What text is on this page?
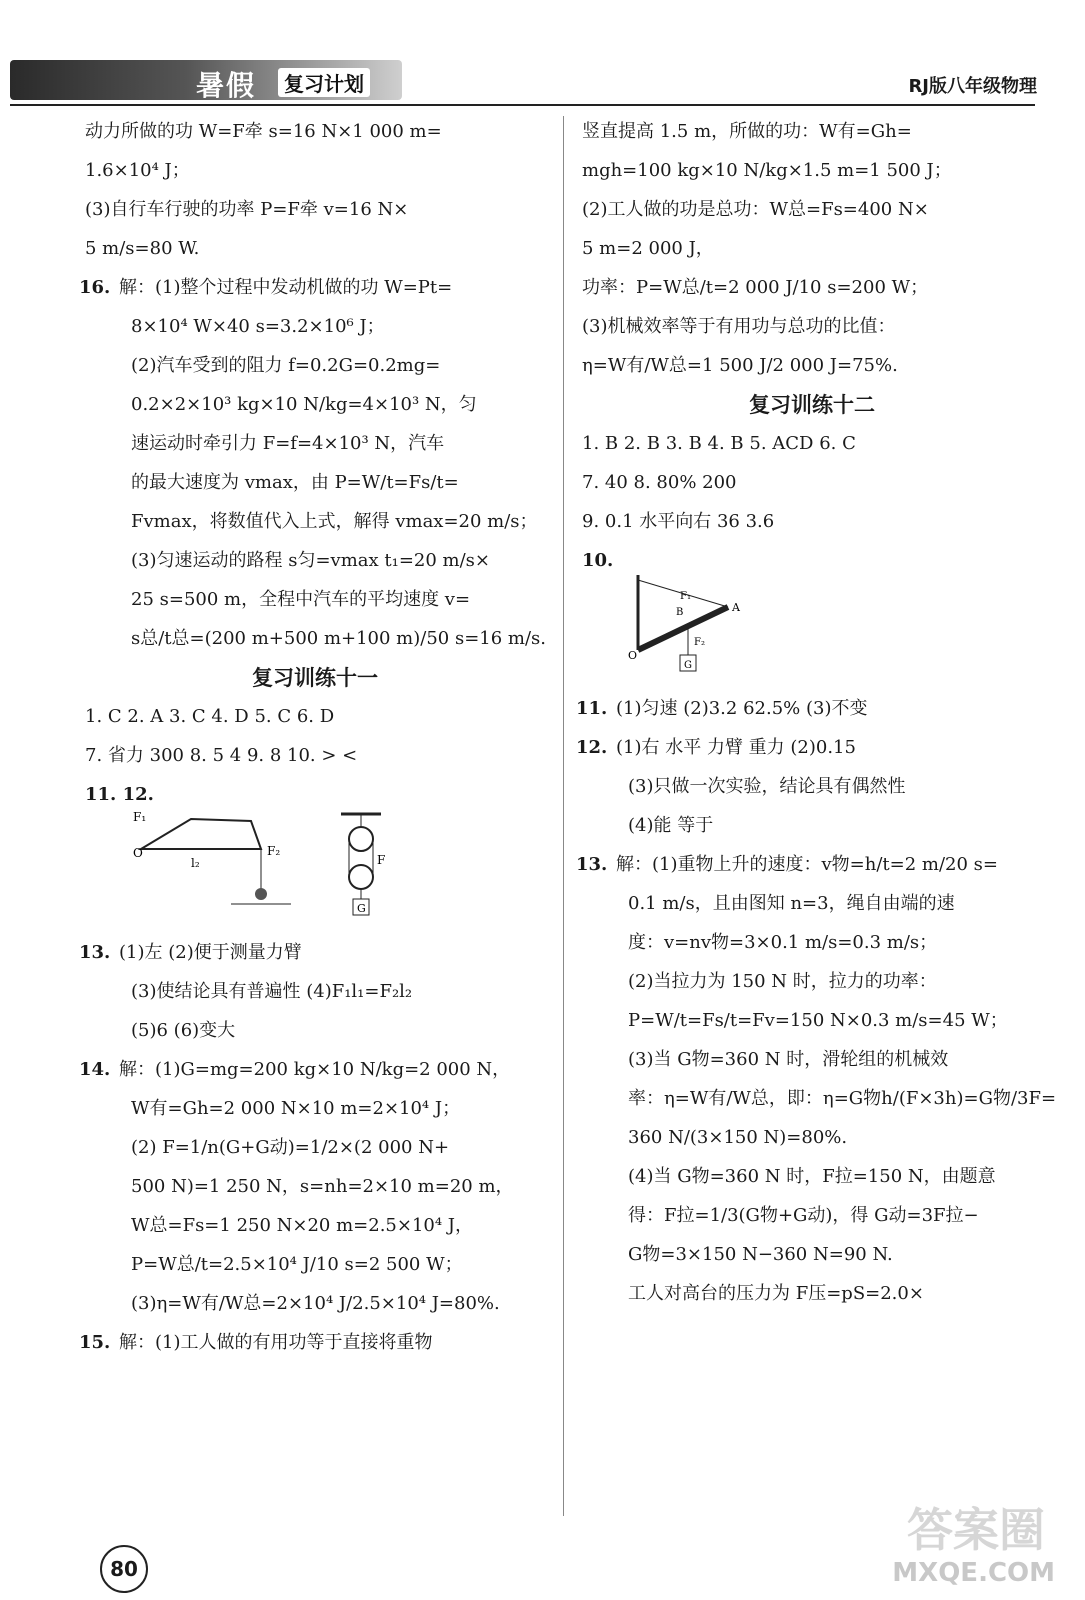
暑假	复习计划	RJ版八年级物理
动力所做的功 W=F牵 s=16 N×1 000 m=
1.6×10⁴ J；
(3)自行车行驶的功率 P=F牵 v=16 N×
5 m/s=80 W.
16. 解：(1)整个过程中发动机做的功 W=Pt=
8×10⁴ W×40 s=3.2×10⁶ J；
(2)汽车受到的阻力 f=0.2G=0.2mg=
0.2×2×10³ kg×10 N/kg=4×10³ N，匀
速运动时牵引力 F=f=4×10³ N，汽车
的最大速度为 vmax，由 P=W/t=Fs/t=
Fvmax，将数值代入上式，解得 vmax=20 m/s；
(3)匀速运动的路程 s匀=vmax t₁=20 m/s×
25 s=500 m，全程中汽车的平均速度 v=
s总/t总=(200 m+500 m+100 m)/50 s=16 m/s.
复习训练十一
1. C 2. A 3. C 4. D 5. C 6. D
7. 省力 300 8. 5 4 9. 8 10. > <
11. 12.
F₁
F₂
l₂
O
G
F
13. (1)左 (2)便于测量力臂
(3)使结论具有普遍性 (4)F₁l₁=F₂l₂
(5)6 (6)变大
14. 解：(1)G=mg=200 kg×10 N/kg=2 000 N，
W有=Gh=2 000 N×10 m=2×10⁴ J；
(2) F=1/n(G+G动)=1/2×(2 000 N+
500 N)=1 250 N，s=nh=2×10 m=20 m，
W总=Fs=1 250 N×20 m=2.5×10⁴ J，
P=W总/t=2.5×10⁴ J/10 s=2 500 W；
(3)η=W有/W总=2×10⁴ J/2.5×10⁴ J=80%.
15. 解：(1)工人做的有用功等于直接将重物
竖直提高 1.5 m，所做的功：W有=Gh=
mgh=100 kg×10 N/kg×1.5 m=1 500 J；
(2)工人做的功是总功：W总=Fs=400 N×
5 m=2 000 J，
功率：P=W总/t=2 000 J/10 s=200 W；
(3)机械效率等于有用功与总功的比值：
η=W有/W总=1 500 J/2 000 J=75%.
复习训练十二
1. B 2. B 3. B 4. B 5. ACD 6. C
7. 40 8. 80% 200
9. 0.1 水平向右 36 3.6
10.
G
A
O
F₁
F₂
B
11. (1)匀速 (2)3.2 62.5% (3)不变
12. (1)右 水平 力臂 重力 (2)0.15
(3)只做一次实验，结论具有偶然性
(4)能 等于
13. 解：(1)重物上升的速度：v物=h/t=2 m/20 s=
0.1 m/s，且由图知 n=3，绳自由端的速
度：v=nv物=3×0.1 m/s=0.3 m/s；
(2)当拉力为 150 N 时，拉力的功率：
P=W/t=Fs/t=Fv=150 N×0.3 m/s=45 W；
(3)当 G物=360 N 时，滑轮组的机械效
率：η=W有/W总，即：η=G物h/(F×3h)=G物/3F=
360 N/(3×150 N)=80%.
(4)当 G物=360 N 时，F拉=150 N，由题意
得：F拉=1/3(G物+G动)，得 G动=3F拉−
G物=3×150 N−360 N=90 N.
工人对高台的压力为 F压=pS=2.0×
80
答案圈
MXQE.COM
